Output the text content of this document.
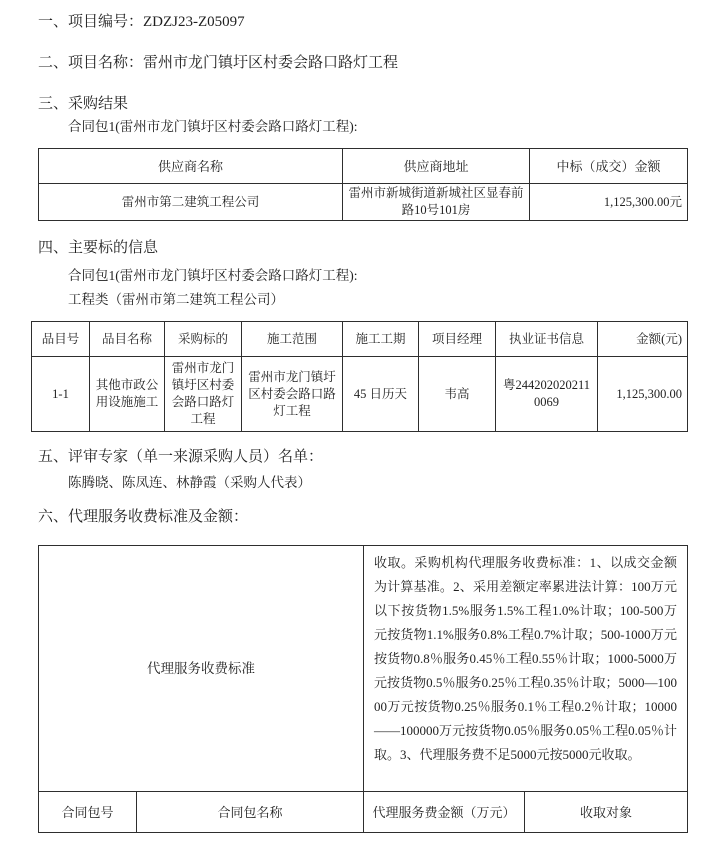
一、项目编号：ZDZJ23-Z05097

二、项目名称：雷州市龙门镇圩区村委会路口路灯工程

三、采购结果

合同包1(雷州市龙门镇圩区村委会路口路灯工程):

供应商名称	供应商地址	中标（成交）金额
雷州市第二建筑工程公司	雷州市新城街道新城社区显春前路10号101房	1,125,300.00元

四、主要标的信息

合同包1(雷州市龙门镇圩区村委会路口路灯工程):

工程类（雷州市第二建筑工程公司）

品目号	品目名称	采购标的	施工范围	施工工期	项目经理	执业证书信息	金额(元)
1-1	其他市政公用设施施工	雷州市龙门镇圩区村委会路口路灯工程	雷州市龙门镇圩区村委会路口路灯工程	45 日历天	韦高	粤2442020202110069	1,125,300.00

五、评审专家（单一来源采购人员）名单：

陈腾晓、陈凤连、林静霞（采购人代表）

六、代理服务收费标准及金额：

代理服务收费标准		收取。采购机构代理服务收费标准：1、以成交金额为计算基准。2、采用差额定率累进法计算：100万元以下按货物1.5%服务1.5%工程1.0%计取；100-500万元按货物1.1%服务0.8%工程0.7%计取；500-1000万元按货物0.8％服务0.45％工程0.55％计取；1000-5000万元按货物0.5％服务0.25％工程0.35％计取；5000—10000万元按货物0.25％服务0.1％工程0.2％计取；10000——100000万元按货物0.05％服务0.05％工程0.05％计取。3、代理服务费不足5000元按5000元收取。	
合同包号	合同包名称	代理服务费金额（万元）	收取对象
